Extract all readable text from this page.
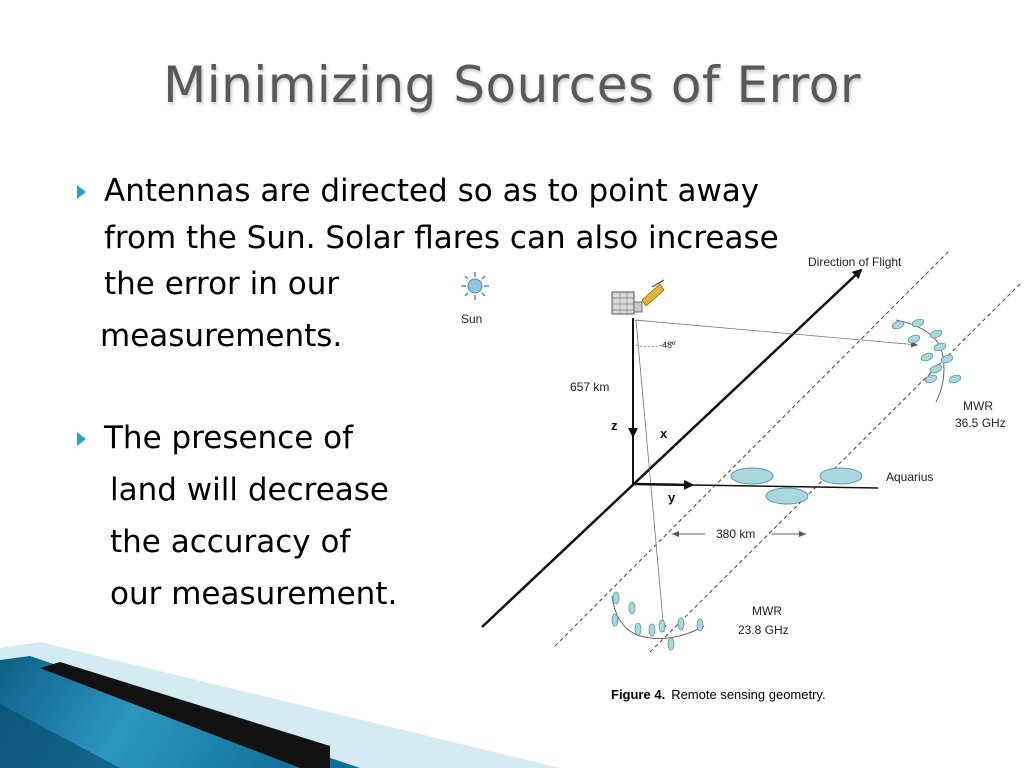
Minimizing Sources of Error
Antennas are directed so as to point away
from the Sun. Solar flares can also increase
the error in our
measurements.
The presence of
land will decrease
the accuracy of
our measurement.
Direction of Flight
Sun
48º
657 km
z
x
y
MWR
36.5 GHz
Aquarius
380 km
MWR
23.8 GHz
Figure 4. Remote sensing geometry.
